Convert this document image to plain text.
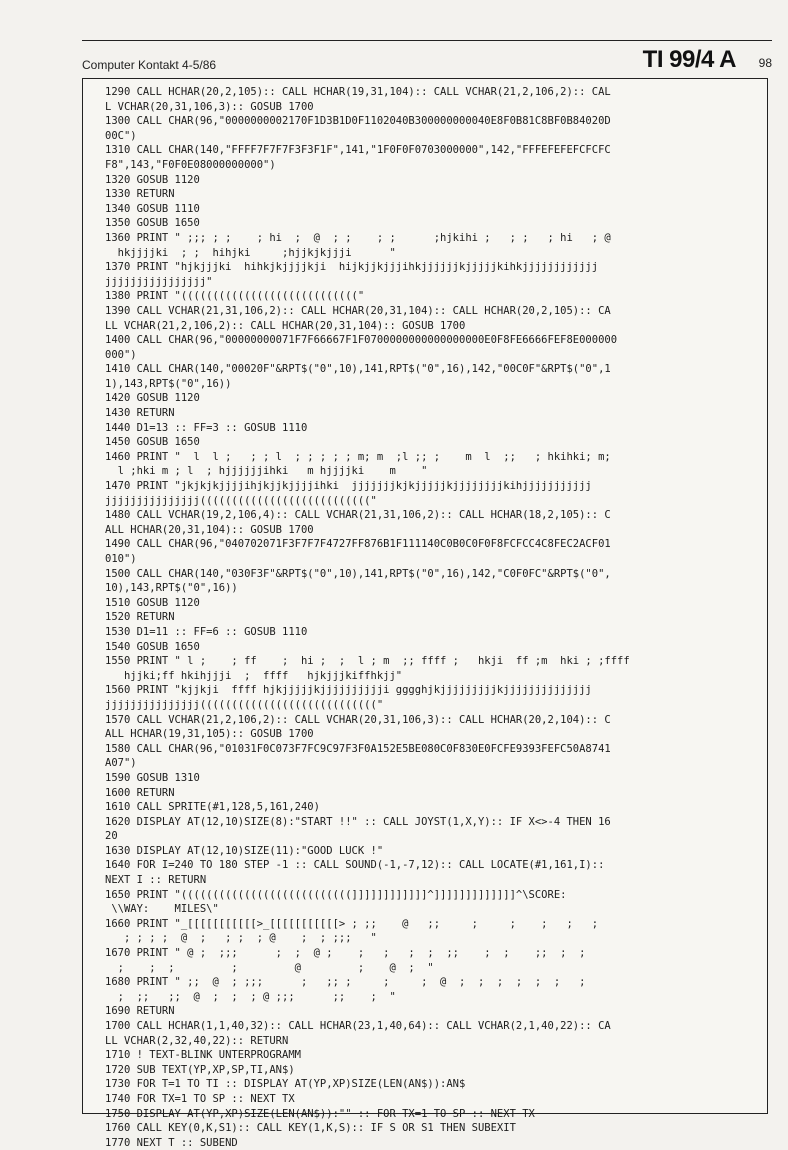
Computer Kontakt 4-5/86	TI 99/4 A 98
1290 CALL HCHAR(20,2,105):: CALL HCHAR(19,31,104):: CALL VCHAR(21,2,106,2):: CAL
L VCHAR(20,31,106,3):: GOSUB 1700
1300 CALL CHAR(96,"0000000002170F1D3B1D0F1102040B300000000040E8F0B81C8BF0B84020D
00C")
1310 CALL CHAR(140,"FFFF7F7F7F3F3F1F",141,"1F0F0F0703000000",142,"FFFEFEFEFCFCFC
F8",143,"F0F0E08000000000")
1320 GOSUB 1120
1330 RETURN
1340 GOSUB 1110
1350 GOSUB 1650
1360 PRINT " ;;; ; ;    ; hi  ;  @  ; ;    ; ;      ;hjkihi ;   ; ;   ; hi   ; @
hkjjjjki  ; ;  hihjki     ;hjjkjkjjji      "
1370 PRINT "hjkjjjki  hihkjkjjjjkji  hijkjjkjjjihkjjjjjjkjjjjjkihkjjjjjjjjjjjj
jjjjjjjjjjjjjjjj"
1380 PRINT "(((((((((((((((((((((((((((("
1390 CALL VCHAR(21,31,106,2):: CALL HCHAR(20,31,104):: CALL HCHAR(20,2,105):: CA
LL VCHAR(21,2,106,2):: CALL HCHAR(20,31,104):: GOSUB 1700
1400 CALL CHAR(96,"00000000071F7F66667F1F0700000000000000000E0F8FE6666FEF8E000000
000")
1410 CALL CHAR(140,"00020F"&RPT$("0",10),141,RPT$("0",16),142,"00C0F"&RPT$("0",1
1),143,RPT$("0",16))
1420 GOSUB 1120
1430 RETURN
1440 D1=13 :: FF=3 :: GOSUB 1110
1450 GOSUB 1650
1460 PRINT "  l  l ;   ; ; l  ; ; ; ; ; m; m  ;l ;; ;    m  l  ;;   ; hkihki; m;
l ;hki m ; l  ; hjjjjjjihki   m hjjjjki    m    "
1470 PRINT "jkjkjkjjjjihjkjjkjjjjihki  jjjjjjjkjkjjjjjkjjjjjjjjkihjjjjjjjjjjj
jjjjjjjjjjjjjjj((((((((((((((((((((((((((("
1480 CALL VCHAR(19,2,106,4):: CALL VCHAR(21,31,106,2):: CALL HCHAR(18,2,105):: C
ALL HCHAR(20,31,104):: GOSUB 1700
1490 CALL CHAR(96,"040702071F3F7F7F4727FF876B1F111140C0B0C0F0F8FCFCC4C8FEC2ACF01
010")
1500 CALL CHAR(140,"030F3F"&RPT$("0",10),141,RPT$("0",16),142,"C0F0FC"&RPT$("0",
10),143,RPT$("0",16))
1510 GOSUB 1120
1520 RETURN
1530 D1=11 :: FF=6 :: GOSUB 1110
1540 GOSUB 1650
1550 PRINT " l ;    ; ff    ;  hi ;  ;  l ; m  ;; ffff ;   hkji  ff ;m  hki ; ;ffff
hjjki;ff hkihjjji  ;  ffff   hjkjjjkiffhkjj"
1560 PRINT "kjjkji  ffff hjkjjjjjkjjjjjjjjjji gggghjkjjjjjjjjjkjjjjjjjjjjjjjj
jjjjjjjjjjjjjjj(((((((((((((((((((((((((((("
1570 CALL VCHAR(21,2,106,2):: CALL VCHAR(20,31,106,3):: CALL HCHAR(20,2,104):: C
ALL HCHAR(19,31,105):: GOSUB 1700
1580 CALL CHAR(96,"01031F0C073F7FC9C97F3F0A152E5BE080C0F830E0FCFE9393FEFC50A8741
A07")
1590 GOSUB 1310
1600 RETURN
1610 CALL SPRITE(#1,128,5,161,240)
1620 DISPLAY AT(12,10)SIZE(8):"START !!" :: CALL JOYST(1,X,Y):: IF X<>-4 THEN 16
20
1630 DISPLAY AT(12,10)SIZE(11):"GOOD LUCK !"
1640 FOR I=240 TO 180 STEP -1 :: CALL SOUND(-1,-7,12):: CALL LOCATE(#1,161,I)::
NEXT I :: RETURN
1650 PRINT "(((((((((((((((((((((((((((]]]]]]]]]]]]^]]]]]]]]]]]]]^\SCORE:
\\WAY:    MILES\"
1660 PRINT "_[[[[[[[[[[[>_[[[[[[[[[[[> ; ;;    @   ;;     ;     ;    ;   ;   ;
; ; ; ;  @  ;   ; ;  ; @    ;  ; ;;;   "
1670 PRINT " @ ;  ;;;      ;  ;  @ ;    ;   ;   ;  ;  ;;    ;  ;    ;;  ;  ;
;    ;  ;         ;         @         ;    @  ;  "
1680 PRINT " ;;  @  ; ;;;      ;   ;; ;     ;     ;  @  ;  ;  ;  ;  ;  ;   ;
;  ;;   ;;  @  ;  ;  ; @ ;;;      ;;    ;  "
1690 RETURN
1700 CALL HCHAR(1,1,40,32):: CALL HCHAR(23,1,40,64):: CALL VCHAR(2,1,40,22):: CA
LL VCHAR(2,32,40,22):: RETURN
1710 ! TEXT-BLINK UNTERPROGRAMM
1720 SUB TEXT(YP,XP,SP,TI,AN$)
1730 FOR T=1 TO TI :: DISPLAY AT(YP,XP)SIZE(LEN(AN$)):AN$
1740 FOR TX=1 TO SP :: NEXT TX
1750 DISPLAY AT(YP,XP)SIZE(LEN(AN$)):"" :: FOR TX=1 TO SP :: NEXT TX
1760 CALL KEY(0,K,S1):: CALL KEY(1,K,S):: IF S OR S1 THEN SUBEXIT
1770 NEXT T :: SUBEND
